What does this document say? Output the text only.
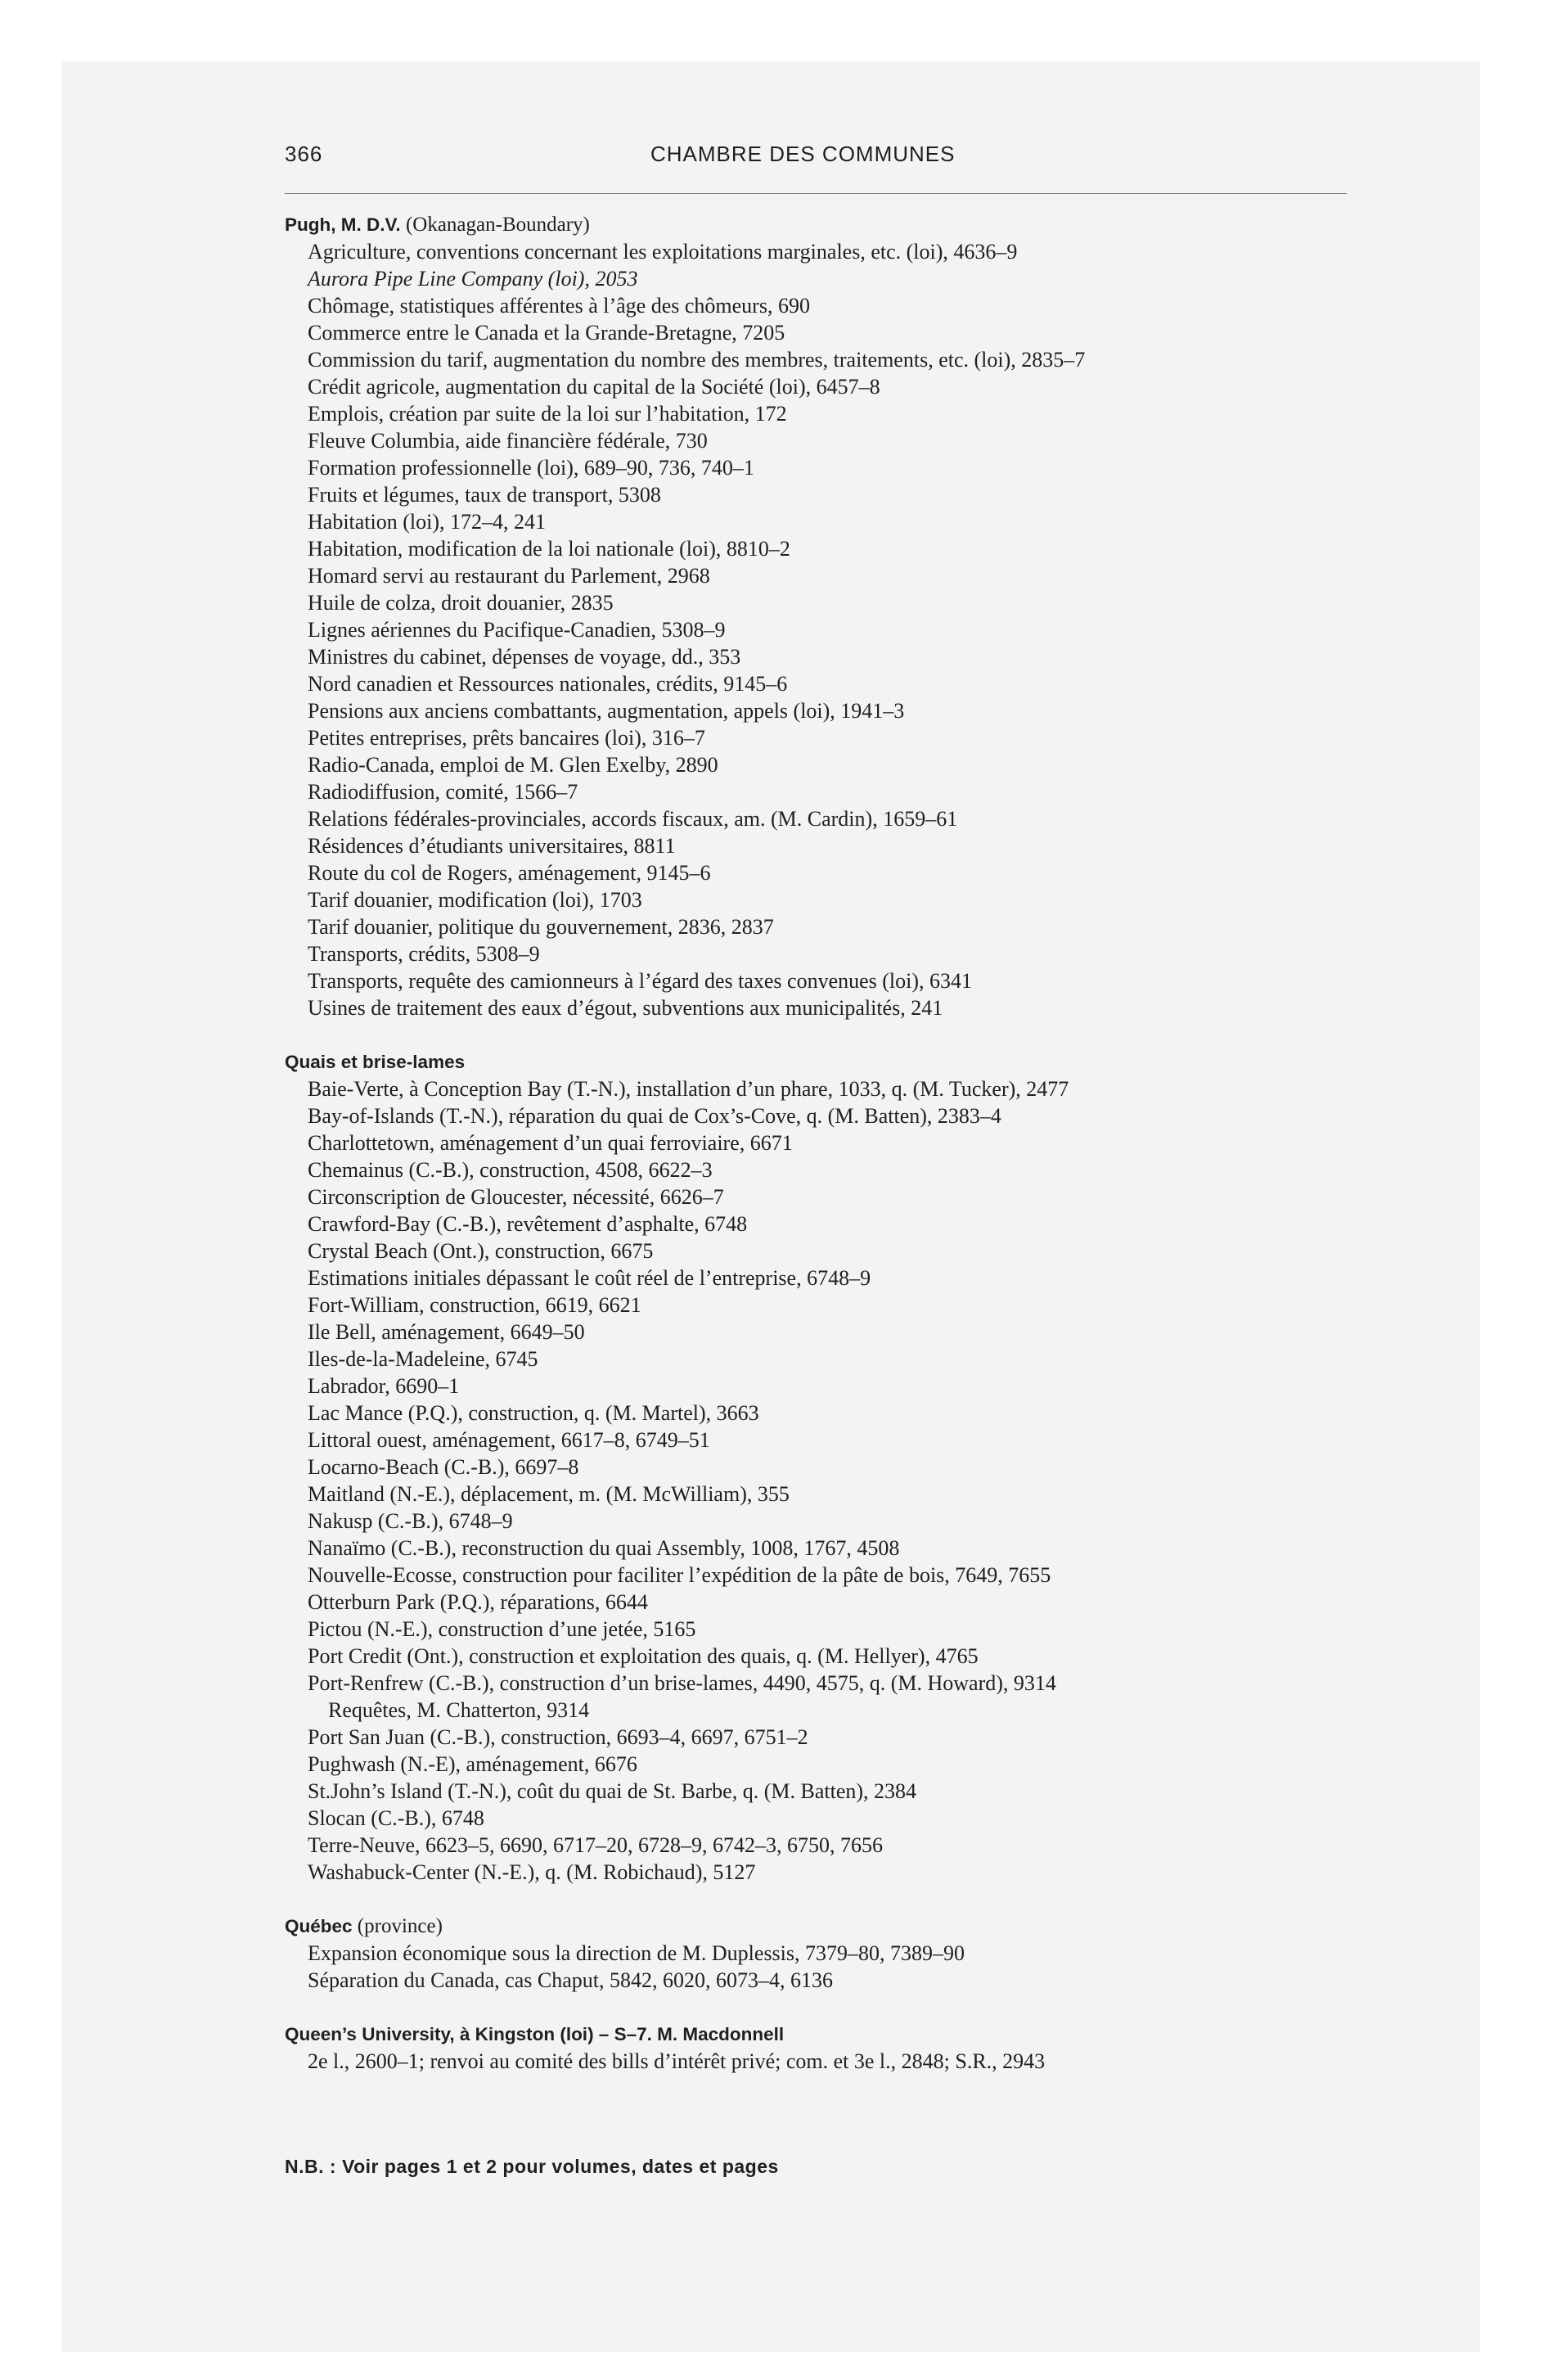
366	CHAMBRE DES COMMUNES
Pugh, M. D.V. (Okanagan-Boundary)
Agriculture, conventions concernant les exploitations marginales, etc. (loi), 4636–9
Aurora Pipe Line Company (loi), 2053
Chômage, statistiques afférentes à l’âge des chômeurs, 690
Commerce entre le Canada et la Grande-Bretagne, 7205
Commission du tarif, augmentation du nombre des membres, traitements, etc. (loi), 2835–7
Crédit agricole, augmentation du capital de la Société (loi), 6457–8
Emplois, création par suite de la loi sur l’habitation, 172
Fleuve Columbia, aide financière fédérale, 730
Formation professionnelle (loi), 689–90, 736, 740–1
Fruits et légumes, taux de transport, 5308
Habitation (loi), 172–4, 241
Habitation, modification de la loi nationale (loi), 8810–2
Homard servi au restaurant du Parlement, 2968
Huile de colza, droit douanier, 2835
Lignes aériennes du Pacifique-Canadien, 5308–9
Ministres du cabinet, dépenses de voyage, dd., 353
Nord canadien et Ressources nationales, crédits, 9145–6
Pensions aux anciens combattants, augmentation, appels (loi), 1941–3
Petites entreprises, prêts bancaires (loi), 316–7
Radio-Canada, emploi de M. Glen Exelby, 2890
Radiodiffusion, comité, 1566–7
Relations fédérales-provinciales, accords fiscaux, am. (M. Cardin), 1659–61
Résidences d’étudiants universitaires, 8811
Route du col de Rogers, aménagement, 9145–6
Tarif douanier, modification (loi), 1703
Tarif douanier, politique du gouvernement, 2836, 2837
Transports, crédits, 5308–9
Transports, requête des camionneurs à l’égard des taxes convenues (loi), 6341
Usines de traitement des eaux d’égout, subventions aux municipalités, 241
Quais et brise-lames
Baie-Verte, à Conception Bay (T.-N.), installation d’un phare, 1033, q. (M. Tucker), 2477
Bay-of-Islands (T.-N.), réparation du quai de Cox’s-Cove, q. (M. Batten), 2383–4
Charlottetown, aménagement d’un quai ferroviaire, 6671
Chemainus (C.-B.), construction, 4508, 6622–3
Circonscription de Gloucester, nécessité, 6626–7
Crawford-Bay (C.-B.), revêtement d’asphalte, 6748
Crystal Beach (Ont.), construction, 6675
Estimations initiales dépassant le coût réel de l’entreprise, 6748–9
Fort-William, construction, 6619, 6621
Ile Bell, aménagement, 6649–50
Iles-de-la-Madeleine, 6745
Labrador, 6690–1
Lac Mance (P.Q.), construction, q. (M. Martel), 3663
Littoral ouest, aménagement, 6617–8, 6749–51
Locarno-Beach (C.-B.), 6697–8
Maitland (N.-E.), déplacement, m. (M. McWilliam), 355
Nakusp (C.-B.), 6748–9
Nanaïmo (C.-B.), reconstruction du quai Assembly, 1008, 1767, 4508
Nouvelle-Ecosse, construction pour faciliter l’expédition de la pâte de bois, 7649, 7655
Otterburn Park (P.Q.), réparations, 6644
Pictou (N.-E.), construction d’une jetée, 5165
Port Credit (Ont.), construction et exploitation des quais, q. (M. Hellyer), 4765
Port-Renfrew (C.-B.), construction d’un brise-lames, 4490, 4575, q. (M. Howard), 9314
Requêtes, M. Chatterton, 9314
Port San Juan (C.-B.), construction, 6693–4, 6697, 6751–2
Pughwash (N.-E), aménagement, 6676
St.John’s Island (T.-N.), coût du quai de St. Barbe, q. (M. Batten), 2384
Slocan (C.-B.), 6748
Terre-Neuve, 6623–5, 6690, 6717–20, 6728–9, 6742–3, 6750, 7656
Washabuck-Center (N.-E.), q. (M. Robichaud), 5127
Québec (province)
Expansion économique sous la direction de M. Duplessis, 7379–80, 7389–90
Séparation du Canada, cas Chaput, 5842, 6020, 6073–4, 6136
Queen’s University, à Kingston (loi) – S–7. M. Macdonnell
2e l., 2600–1; renvoi au comité des bills d’intérêt privé; com. et 3e l., 2848; S.R., 2943
N.B. : Voir pages 1 et 2 pour volumes, dates et pages
